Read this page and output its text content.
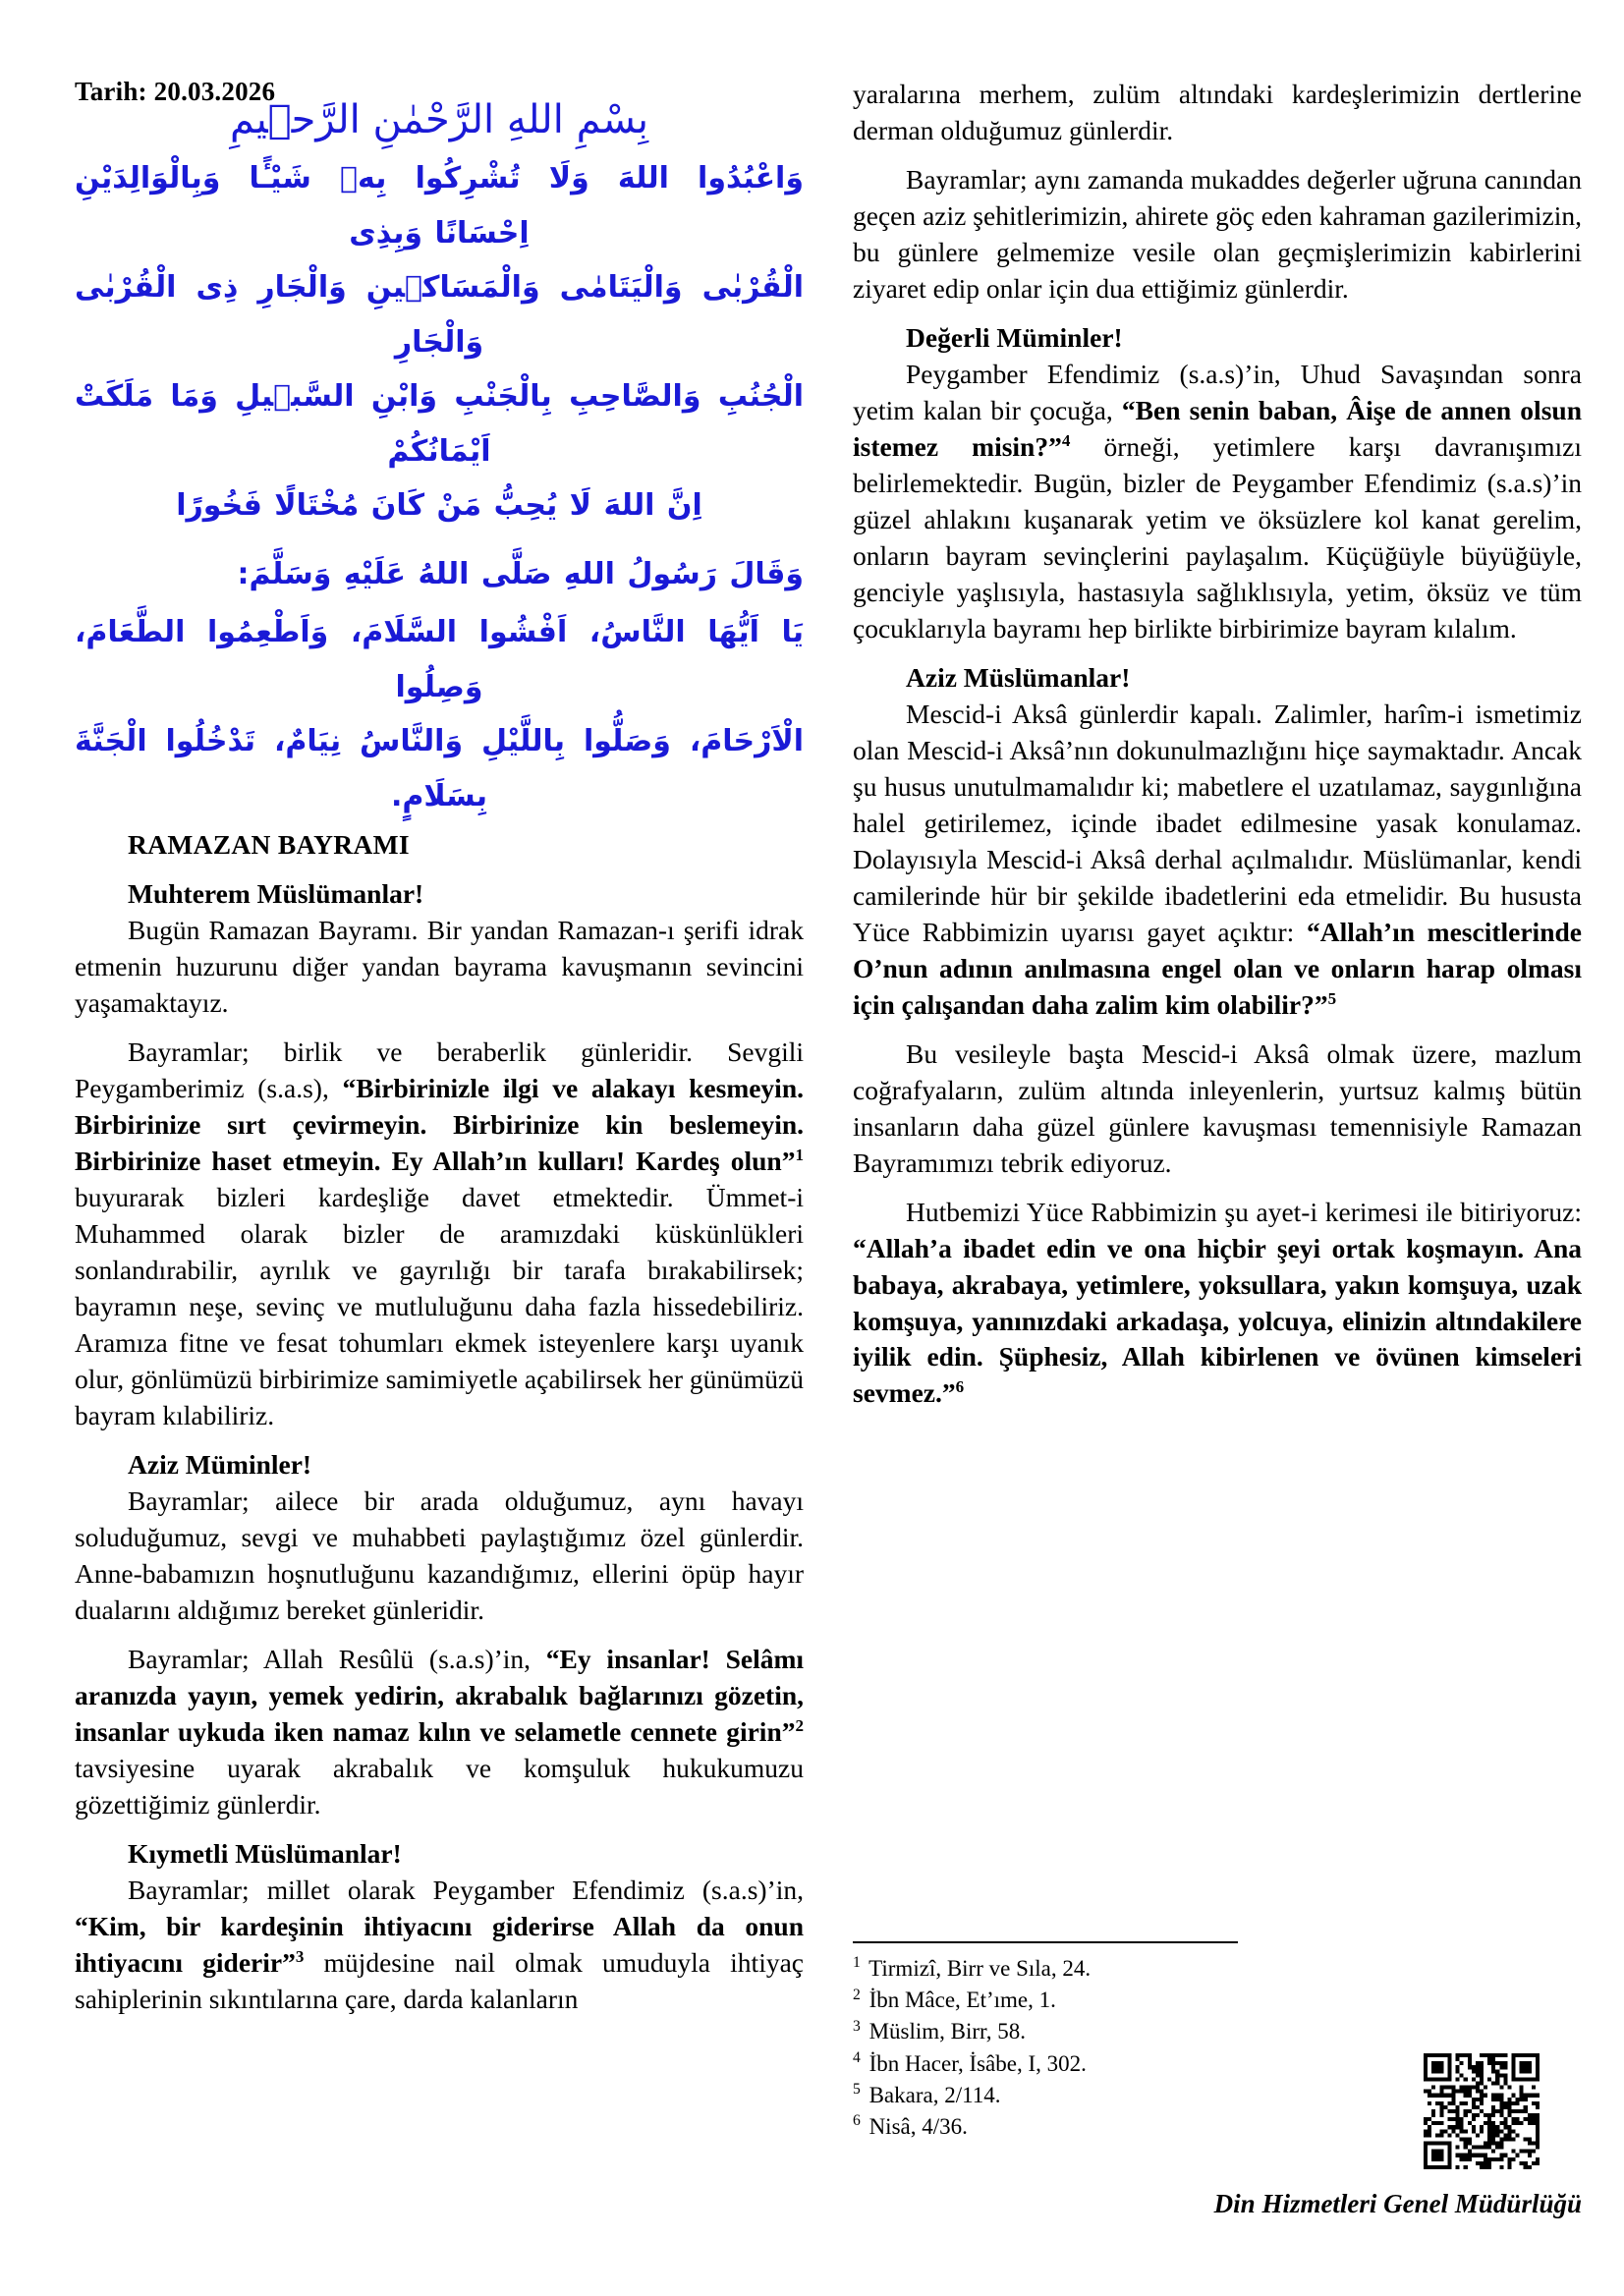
Tarih: 20.03.2026
بِسْمِ اللهِ الرَّحْمٰنِ الرَّحٖيمِ
وَاعْبُدُوا اللهَ وَلَا تُشْرِكُوا بِهٖ شَيْـًٔا وَبِالْوَالِدَيْنِ اِحْسَانًا وَبِذِى
الْقُرْبٰى وَالْيَتَامٰى وَالْمَسَاكٖينِ وَالْجَارِ ذِى الْقُرْبٰى وَالْجَارِ
الْجُنُبِ وَالصَّاحِبِ بِالْجَنْبِ وَابْنِ السَّبٖيلِ وَمَا مَلَكَتْ اَيْمَانُكُمْ
اِنَّ اللهَ لَا يُحِبُّ مَنْ كَانَ مُخْتَالًا فَخُورًا
وَقَالَ رَسُولُ اللهِ صَلَّى اللهُ عَلَيْهِ وَسَلَّمَ:
يَا اَيُّهَا النَّاسُ، اَفْشُوا السَّلَامَ، وَاَطْعِمُوا الطَّعَامَ، وَصِلُوا
الْاَرْحَامَ، وَصَلُّوا بِاللَّيْلِ وَالنَّاسُ نِيَامٌ، تَدْخُلُوا الْجَنَّةَ بِسَلَامٍ.
RAMAZAN BAYRAMI
Muhterem Müslümanlar!

Bugün Ramazan Bayramı. Bir yandan Ramazan-ı şerifi idrak etmenin huzurunu diğer yandan bayrama kavuşmanın sevincini yaşamaktayız.

Bayramlar; birlik ve beraberlik günleridir. Sevgili Peygamberimiz (s.a.s), “Birbirinizle ilgi ve alakayı kesmeyin. Birbirinize sırt çevirmeyin. Birbirinize kin beslemeyin. Birbirinize haset etmeyin. Ey Allah’ın kulları! Kardeş olun”$^1$ buyurarak bizleri kardeşliğe davet etmektedir. Ümmet-i Muhammed olarak bizler de aramızdaki küskünlükleri sonlandırabilir, ayrılık ve gayrılığı bir tarafa bırakabilirsek; bayramın neşe, sevinç ve mutluluğunu daha fazla hissedebiliriz. Aramıza fitne ve fesat tohumları ekmek isteyenlere karşı uyanık olur, gönlümüzü birbirimize samimiyetle açabilirsek her günümüzü bayram kılabiliriz.

Aziz Müminler!

Bayramlar; ailece bir arada olduğumuz, aynı havayı soluduğumuz, sevgi ve muhabbeti paylaştığımız özel günlerdir. Anne-babamızın hoşnutluğunu kazandığımız, ellerini öpüp hayır dualarını aldığımız bereket günleridir.

Bayramlar; Allah Resûlü (s.a.s)’in, “Ey insanlar! Selâmı aranızda yayın, yemek yedirin, akrabalık bağlarınızı gözetin, insanlar uykuda iken namaz kılın ve selametle cennete girin”$^2$ tavsiyesine uyarak akrabalık ve komşuluk hukukumuzu gözettiğimiz günlerdir.

Kıymetli Müslümanlar!

Bayramlar; millet olarak Peygamber Efendimiz (s.a.s)’in, “Kim, bir kardeşinin ihtiyacını giderirse Allah da onun ihtiyacını giderir”$^3$ müjdesine nail olmak umuduyla ihtiyaç sahiplerinin sıkıntılarına çare, darda kalanların

yaralarına merhem, zulüm altındaki kardeşlerimizin dertlerine derman olduğumuz günlerdir.

Bayramlar; aynı zamanda mukaddes değerler uğruna canından geçen aziz şehitlerimizin, ahirete göç eden kahraman gazilerimizin, bu günlere gelmemize vesile olan geçmişlerimizin kabirlerini ziyaret edip onlar için dua ettiğimiz günlerdir.

Değerli Müminler!

Peygamber Efendimiz (s.a.s)’in, Uhud Savaşından sonra yetim kalan bir çocuğa, “Ben senin baban, Âişe de annen olsun istemez misin?”$^4$ örneği, yetimlere karşı davranışımızı belirlemektedir. Bugün, bizler de Peygamber Efendimiz (s.a.s)’in güzel ahlakını kuşanarak yetim ve öksüzlere kol kanat gerelim, onların bayram sevinçlerini paylaşalım. Küçüğüyle büyüğüyle, genciyle yaşlısıyla, hastasıyla sağlıklısıyla, yetim, öksüz ve tüm çocuklarıyla bayramı hep birlikte birbirimize bayram kılalım.

Aziz Müslümanlar!

Mescid-i Aksâ günlerdir kapalı. Zalimler, harîm-i ismetimiz olan Mescid-i Aksâ’nın dokunulmazlığını hiçe saymaktadır. Ancak şu husus unutulmamalıdır ki; mabetlere el uzatılamaz, saygınlığına halel getirilemez, içinde ibadet edilmesine yasak konulamaz. Dolayısıyla Mescid-i Aksâ derhal açılmalıdır. Müslümanlar, kendi camilerinde hür bir şekilde ibadetlerini eda etmelidir. Bu hususta Yüce Rabbimizin uyarısı gayet açıktır: “Allah’ın mescitlerinde O’nun adının anılmasına engel olan ve onların harap olması için çalışandan daha zalim kim olabilir?”$^5$

Bu vesileyle başta Mescid-i Aksâ olmak üzere, mazlum coğrafyaların, zulüm altında inleyenlerin, yurtsuz kalmış bütün insanların daha güzel günlere kavuşması temennisiyle Ramazan Bayramımızı tebrik ediyoruz.

Hutbemizi Yüce Rabbimizin şu ayet-i kerimesi ile bitiriyoruz: “Allah’a ibadet edin ve ona hiçbir şeyi ortak koşmayın. Ana babaya, akrabaya, yetimlere, yoksullara, yakın komşuya, uzak komşuya, yanınızdaki arkadaşa, yolcuya, elinizin altındakilere iyilik edin. Şüphesiz, Allah kibirlenen ve övünen kimseleri sevmez.”$^6$

$^1$ Tirmizî, Birr ve Sıla, 24.

$^2$ İbn Mâce, Et’ıme, 1.

$^3$ Müslim, Birr, 58.

$^4$ İbn Hacer, İsâbe, I, 302.

$^5$ Bakara, 2/114.

$^6$ Nisâ, 4/36.

Din Hizmetleri Genel Müdürlüğü
